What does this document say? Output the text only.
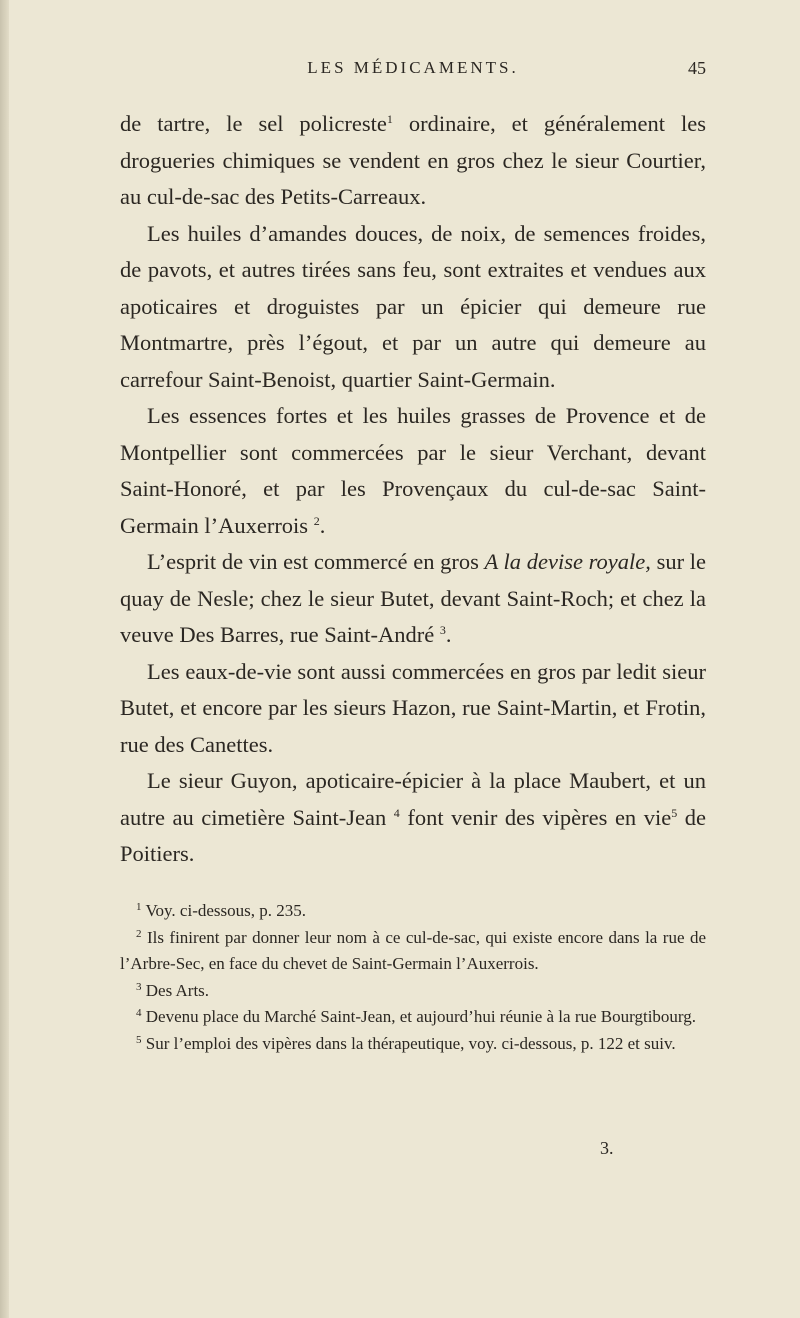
LES MÉDICAMENTS.	45

de tartre, le sel policreste$^1$ ordinaire, et généralement les drogueries chimiques se vendent en gros chez le sieur Courtier, au cul-de-sac des Petits-Carreaux.

Les huiles d’amandes douces, de noix, de semences froides, de pavots, et autres tirées sans feu, sont extraites et vendues aux apoticaires et droguistes par un épicier qui demeure rue Montmartre, près l’égout, et par un autre qui demeure au carrefour Saint-Benoist, quartier Saint-Germain.

Les essences fortes et les huiles grasses de Provence et de Montpellier sont commercées par le sieur Verchant, devant Saint-Honoré, et par les Provençaux du cul-de-sac Saint-Germain l’Auxerrois $^2$.

L’esprit de vin est commercé en gros A la devise royale, sur le quay de Nesle; chez le sieur Butet, devant Saint-Roch; et chez la veuve Des Barres, rue Saint-André $^3$.

Les eaux-de-vie sont aussi commercées en gros par ledit sieur Butet, et encore par les sieurs Hazon, rue Saint-Martin, et Frotin, rue des Canettes.

Le sieur Guyon, apoticaire-épicier à la place Maubert, et un autre au cimetière Saint-Jean $^4$ font venir des vipères en vie$^5$ de Poitiers.

$^1$ Voy. ci-dessous, p. 235.

$^2$ Ils finirent par donner leur nom à ce cul-de-sac, qui existe encore dans la rue de l’Arbre-Sec, en face du chevet de Saint-Germain l’Auxerrois.

$^3$ Des Arts.

$^4$ Devenu place du Marché Saint-Jean, et aujourd’hui réunie à la rue Bourgtibourg.

$^5$ Sur l’emploi des vipères dans la thérapeutique, voy. ci-dessous, p. 122 et suiv.

3.
